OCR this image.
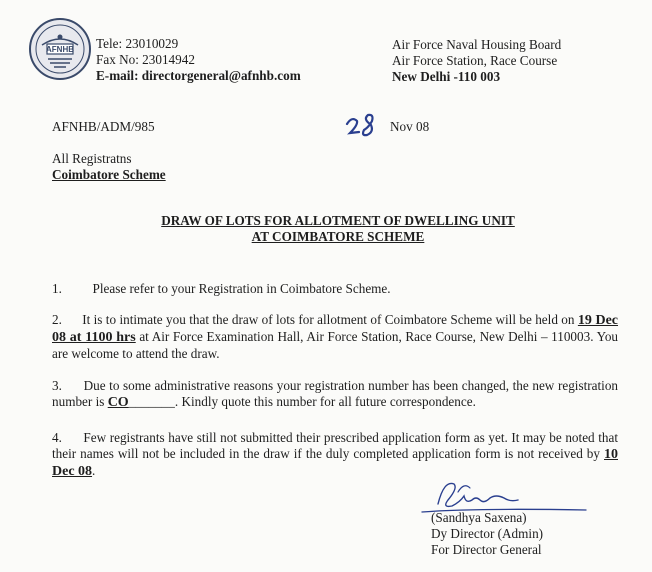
AFNHB Tele: 23010029
Fax No: 23014942
E-mail: directorgeneral@afnhb.com
Air Force Naval Housing Board
Air Force Station, Race Course
New Delhi -110 003
AFNHB/ADM/985
28
Nov 08
All Registratns
Coimbatore Scheme
DRAW OF LOTS FOR ALLOTMENT OF DWELLING UNIT
AT COIMBATORE SCHEME
1. Please refer to your Registration in Coimbatore Scheme.

2. It is to intimate you that the draw of lots for allotment of Coimbatore Scheme will be held on 19 Dec 08 at 1100 hrs at Air Force Examination Hall, Air Force Station, Race Course, New Delhi – 110003. You are welcome to attend the draw.

3. Due to some administrative reasons your registration number has been changed, the new registration number is CO_______. Kindly quote this number for all future correspondence.

4. Few registrants have still not submitted their prescribed application form as yet. It may be noted that their names will not be included in the draw if the duly completed application form is not received by 10 Dec 08.

(Sandhya Saxena)
Dy Director (Admin)
For Director General
